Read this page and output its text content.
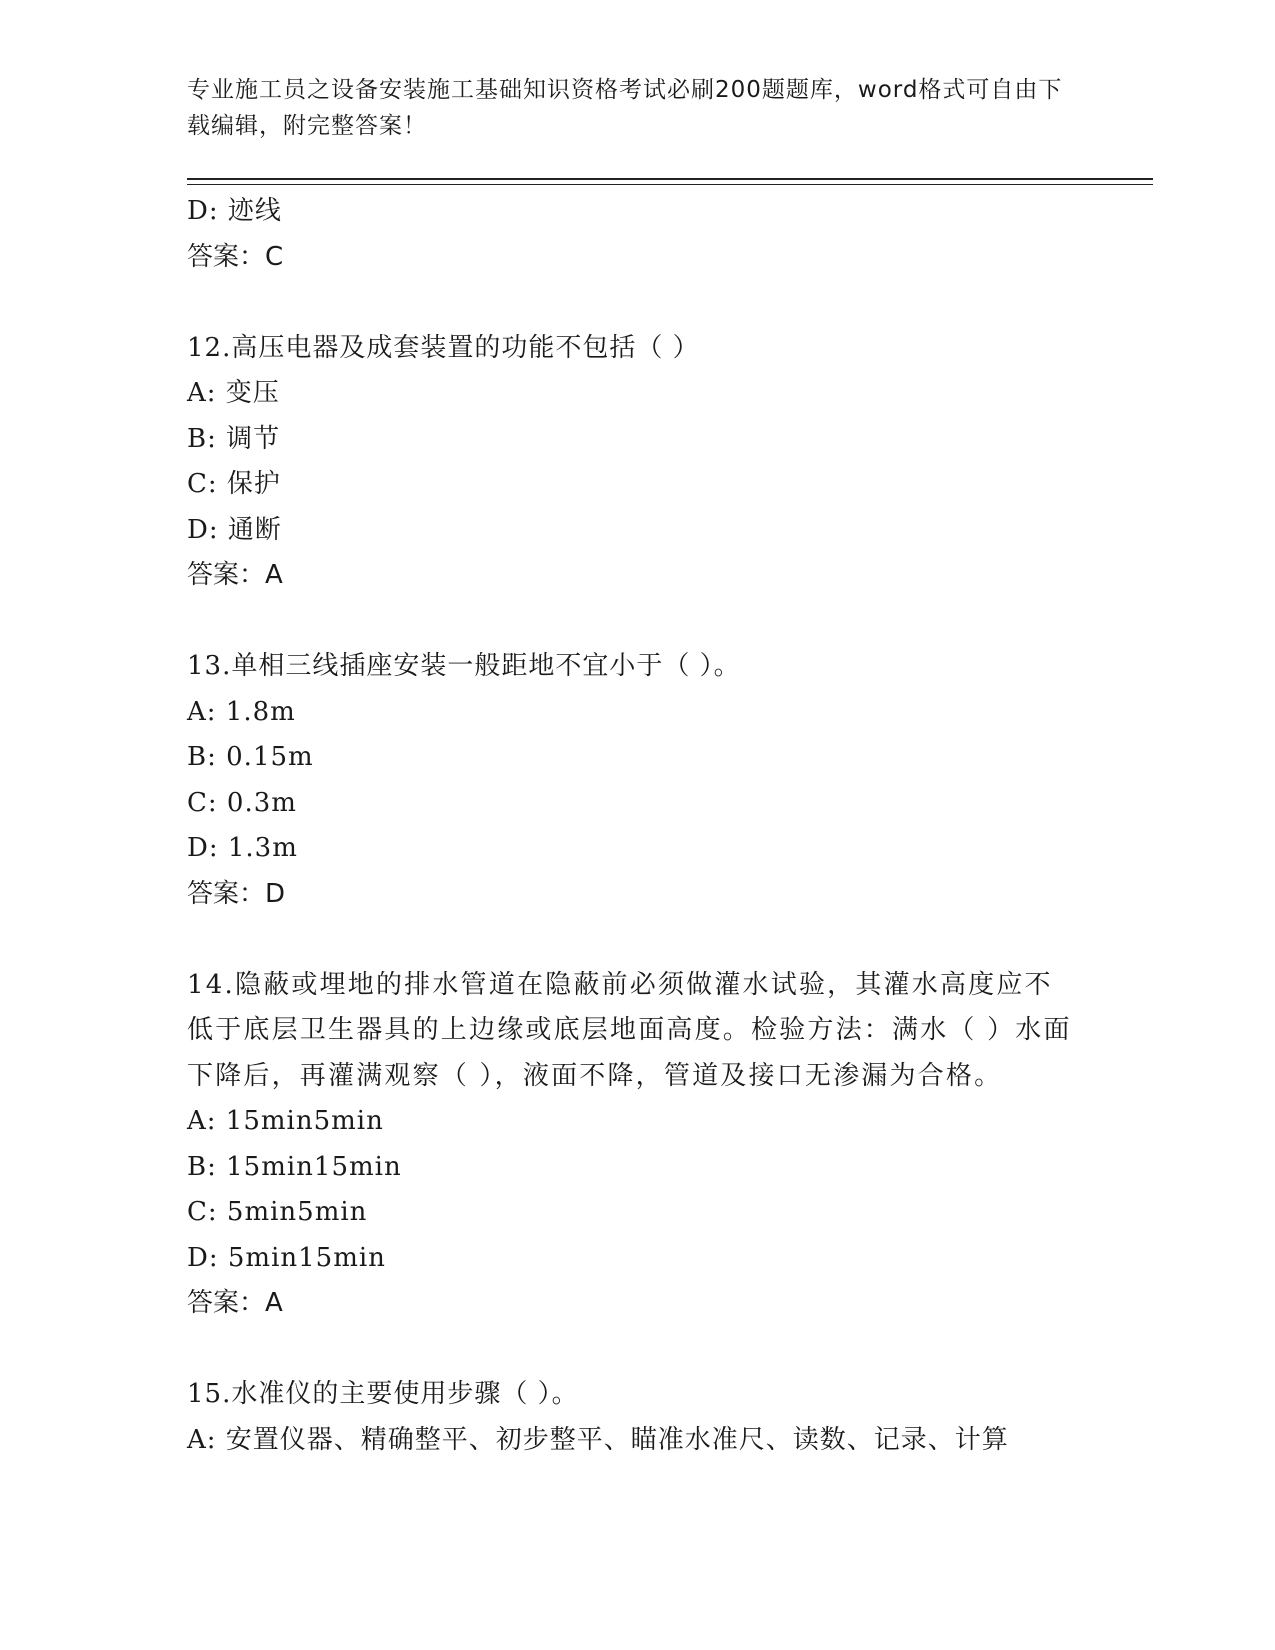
专业施工员之设备安装施工基础知识资格考试必刷200题题库，word格式可自由下载编辑，附完整答案！
D: 迹线
答案：C
12.高压电器及成套装置的功能不包括（ ）
A: 变压
B: 调节
C: 保护
D: 通断
答案：A
13.单相三线插座安装一般距地不宜小于（ ）。
A: 1.8m
B: 0.15m
C: 0.3m
D: 1.3m
答案：D
14.隐蔽或埋地的排水管道在隐蔽前必须做灌水试验，其灌水高度应不低于底层卫生器具的上边缘或底层地面高度。检验方法：满水（ ）水面下降后，再灌满观察（ ），液面不降，管道及接口无渗漏为合格。
A: 15min5min
B: 15min15min
C: 5min5min
D: 5min15min
答案：A
15.水准仪的主要使用步骤（ ）。
A: 安置仪器、精确整平、初步整平、瞄准水准尺、读数、记录、计算
